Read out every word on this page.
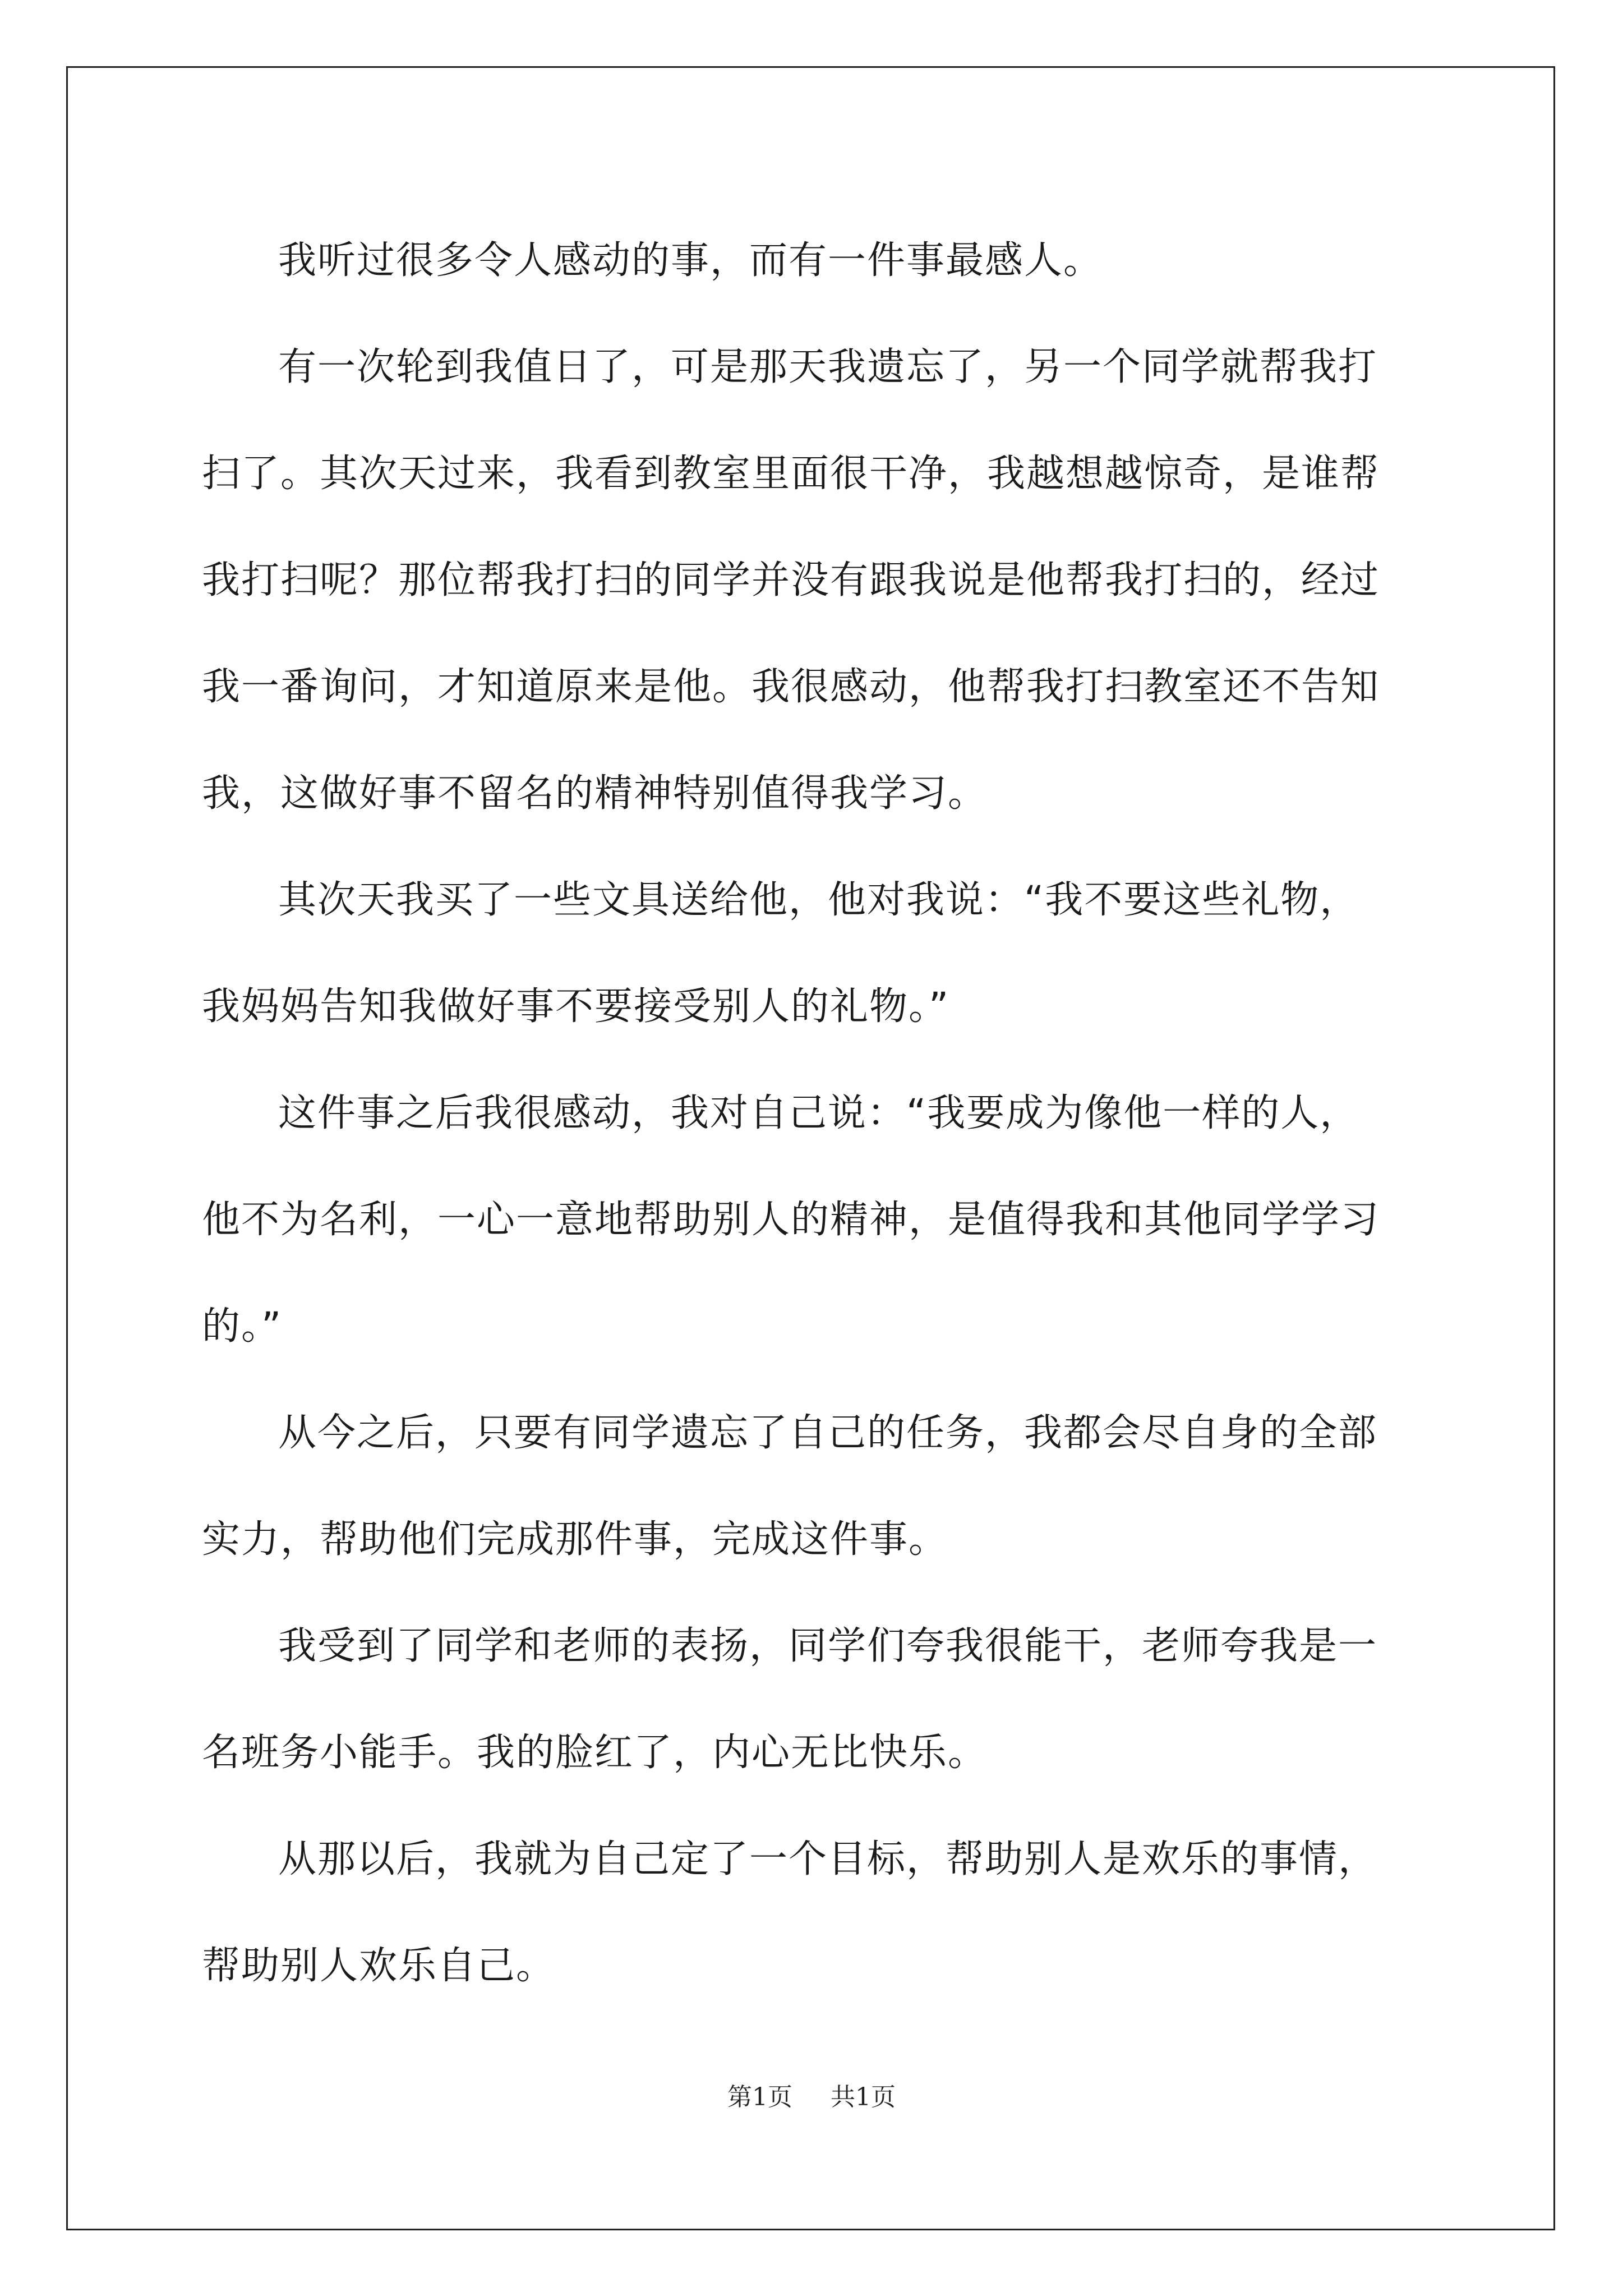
我听过很多令人感动的事，而有一件事最感人。

有一次轮到我值日了，可是那天我遗忘了，另一个同学就帮我打
扫了。其次天过来，我看到教室里面很干净，我越想越惊奇，是谁帮
我打扫呢？那位帮我打扫的同学并没有跟我说是他帮我打扫的，经过
我一番询问，才知道原来是他。我很感动，他帮我打扫教室还不告知
我，这做好事不留名的精神特别值得我学习。

其次天我买了一些文具送给他，他对我说：“我不要这些礼物，
我妈妈告知我做好事不要接受别人的礼物。”

这件事之后我很感动，我对自己说：“我要成为像他一样的人，
他不为名利，一心一意地帮助别人的精神，是值得我和其他同学学习
的。”

从今之后，只要有同学遗忘了自己的任务，我都会尽自身的全部
实力，帮助他们完成那件事，完成这件事。

我受到了同学和老师的表扬，同学们夸我很能干，老师夸我是一
名班务小能手。我的脸红了，内心无比快乐。

从那以后，我就为自己定了一个目标，帮助别人是欢乐的事情，
帮助别人欢乐自己。

第1页 共1页
